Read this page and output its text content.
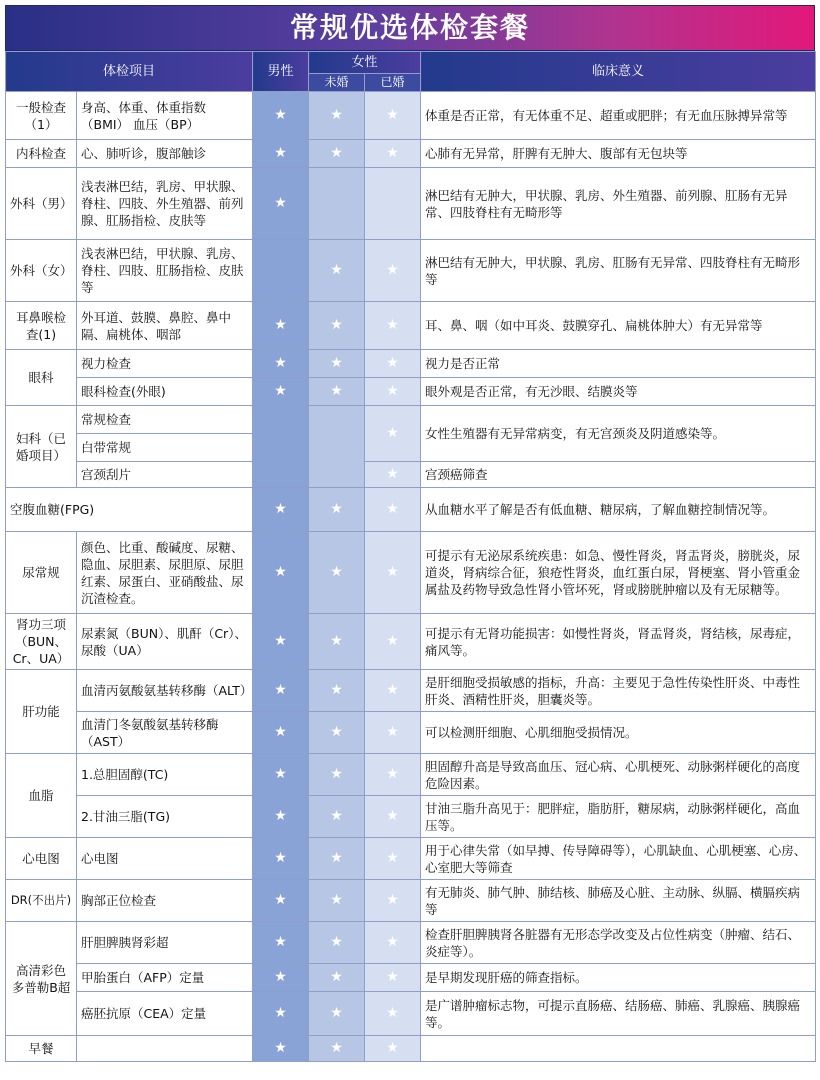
常规优选体检套餐
体检项目		男性	女性		临床意义
			未婚	已婚	
一般检查（1）	身高、体重、体重指数（BMI） 血压（BP）	★	★	★	体重是否正常，有无体重不足、超重或肥胖；有无血压脉搏异常等
内科检查	心、肺听诊，腹部触诊	★	★	★	心肺有无异常，肝脾有无肿大、腹部有无包块等
外科（男）	浅表淋巴结，乳房、甲状腺、脊柱、四肢、外生殖器、前列腺、肛肠指检、皮肤等	★			淋巴结有无肿大，甲状腺、乳房、外生殖器、前列腺、肛肠有无异常、四肢脊柱有无畸形等
外科（女）	浅表淋巴结，甲状腺、乳房、脊柱、四肢、肛肠指检、皮肤等		★	★	淋巴结有无肿大，甲状腺、乳房、肛肠有无异常、四肢脊柱有无畸形等
耳鼻喉检查(1)	外耳道、鼓膜、鼻腔、鼻中隔、扁桃体、咽部	★	★	★	耳、鼻、咽（如中耳炎、鼓膜穿孔、扁桃体肿大）有无异常等
眼科	视力检查	★	★	★	视力是否正常
	眼科检查(外眼)	★	★	★	眼外观是否正常，有无沙眼、结膜炎等
妇科（已婚项目）	常规检查			★	女性生殖器有无异常病变，有无宫颈炎及阴道感染等。
	白带常规				
	宫颈刮片			★	宫颈癌筛查
空腹血糖(FPG)		★	★	★	从血糖水平了解是否有低血糖、糖尿病，了解血糖控制情况等。
尿常规	颜色、比重、酸碱度、尿糖、隐血、尿胆素、尿胆原、尿胆红素、尿蛋白、亚硝酸盐、尿沉渣检查。	★	★	★	可提示有无泌尿系统疾患：如急、慢性肾炎，肾盂肾炎，膀胱炎，尿道炎，肾病综合征，狼疮性肾炎，血红蛋白尿，肾梗塞、肾小管重金属盐及药物导致急性肾小管坏死，肾或膀胱肿瘤以及有无尿糖等。
肾功三项（BUN、Cr、UA）	尿素氮（BUN）、肌酐（Cr）、尿酸（UA）	★	★	★	可提示有无肾功能损害：如慢性肾炎，肾盂肾炎，肾结核，尿毒症，痛风等。
肝功能	血清丙氨酸氨基转移酶（ALT）	★	★	★	是肝细胞受损敏感的指标，升高：主要见于急性传染性肝炎、中毒性肝炎、酒精性肝炎，胆囊炎等。
	血清门冬氨酸氨基转移酶（AST）	★	★	★	可以检测肝细胞、心肌细胞受损情况。
血脂	1.总胆固醇(TC)	★	★	★	胆固醇升高是导致高血压、冠心病、心肌梗死、动脉粥样硬化的高度危险因素。
	2.甘油三脂(TG)	★	★	★	甘油三脂升高见于：肥胖症，脂肪肝，糖尿病，动脉粥样硬化，高血压等。
心电图	心电图	★	★	★	用于心律失常（如早搏、传导障碍等），心肌缺血、心肌梗塞、心房、心室肥大等筛查
DR(不出片)	胸部正位检查	★	★	★	有无肺炎、肺气肿、肺结核、肺癌及心脏、主动脉、纵膈、横膈疾病等
高清彩色多普勒B超	肝胆脾胰肾彩超	★	★	★	检查肝胆脾胰肾各脏器有无形态学改变及占位性病变（肿瘤、结石、炎症等）。
	甲胎蛋白（AFP）定量	★	★	★	是早期发现肝癌的筛查指标。
	癌胚抗原（CEA）定量	★	★	★	是广谱肿瘤标志物，可提示直肠癌、结肠癌、肺癌、乳腺癌、胰腺癌等。
早餐		★	★	★	
